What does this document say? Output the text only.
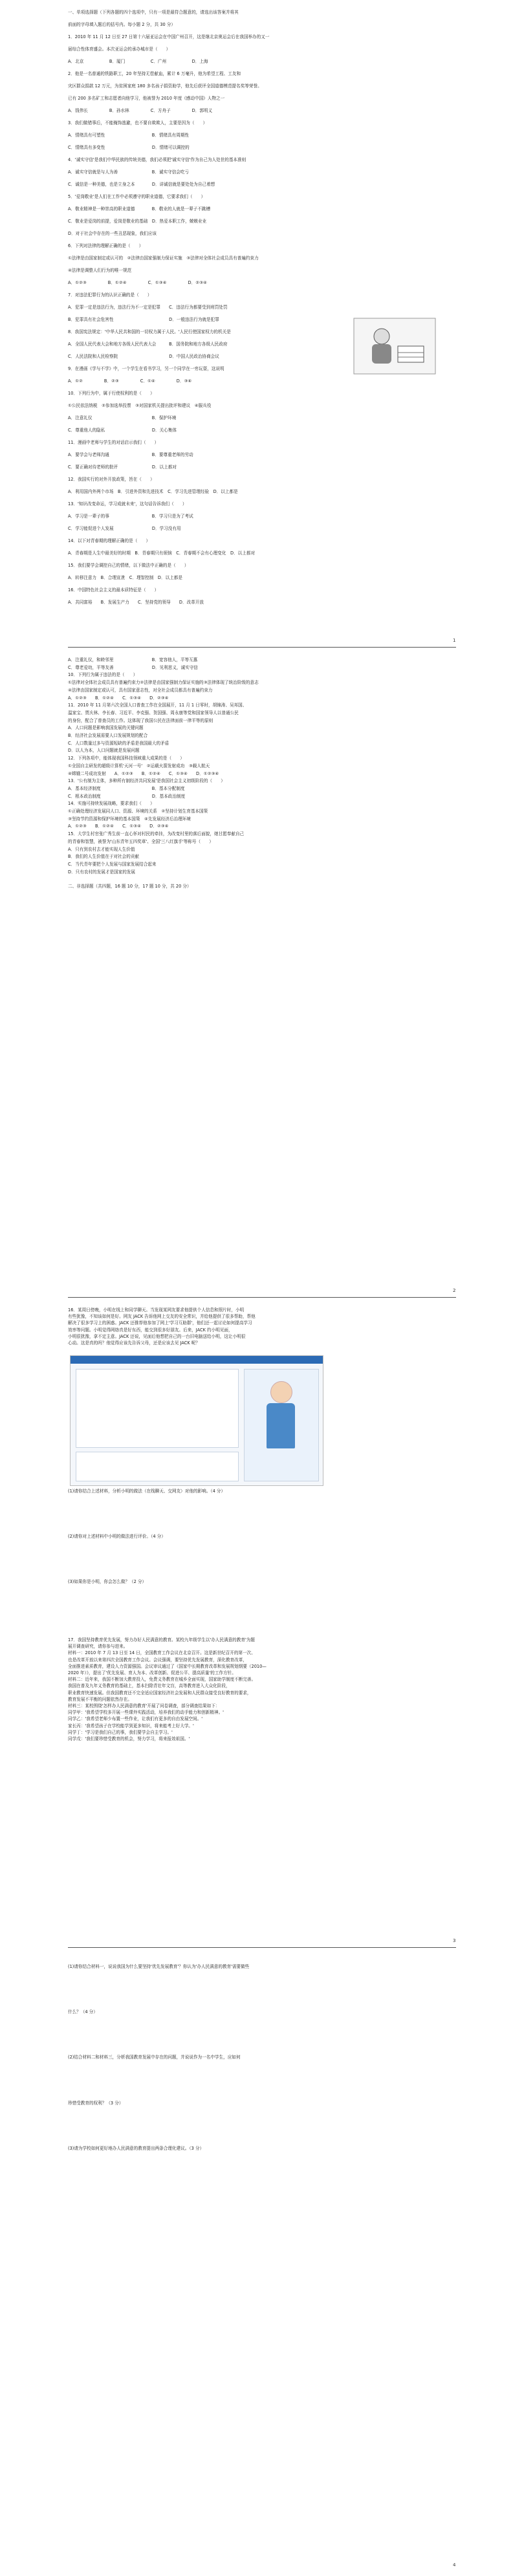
一、单项选择题（下列各题的四个选项中，只有一项是最符合题意的，请选出该答案并将其
前面的字母填入题后的括号内。每小题 2 分，共 30 分）
1．2010 年 11 月 12 日至 27 日第十六届亚运会在中国广州召开，这是继北京奥运会后在我国举办的又一
届综合性体育盛会。本次亚运会的承办城市是（　　）
A．北京　　　　　　B．厦门　　　　　　C．广州　　　　　　D．上海
2．他是一名普通的铁路职工，20 年坚持无偿献血，累计 6 万毫升，他为希望工程、工友和
灾区群众捐款 12 万元，为贫困家庭 180 多名孩子捐资助学，他先后获评全国道德模范提名奖等荣誉。
已有 200 多名矿工和志愿者向他学习，他被誉为 2010 年度《感动中国》人物之一
A．钱伟长　　　　　B．孙水林　　　　　C．方舟子　　　　　D．郭明义
3．我们做错事后，不能掩饰逃避，也不要自欺欺人，主要是因为（　　）
A．情绪具有可塑性　　　　　　　　　　　B．情绪具有周期性
C．情绪具有多变性　　　　　　　　　　　D．情绪可以调控的
4．'诚实守信'是我们中华民族的传统美德，我们必须把'诚实守信'作为自己为人处世的基本准则
A．诚实守信就是与人为善　　　　　　　　B．诚实守信会吃亏
C．诚信是一种美德，也是立身之本　　　　D．讲诚信就是要处处为自己着想
5．'爱岗敬业'是人们在工作中必须遵守的职业道德，它要求我们（　　）
A．敬业精神是一种崇高的职业道德　　　　B．敬业的人就是一辈子不跳槽
C．敬业是爱岗的前提，爱岗是敬业的基础　D．热爱本职工作，兢兢业业
D．对于社会中存在的一些丑恶现象，我们应该
6．下列对法律的理解正确的是（　　）
①法律是由国家制定或认可的　②法律由国家强制力保证实施　③法律对全体社会成员具有普遍约束力
④法律是调整人们行为的唯一规范
A．①②③　　　　　B．①②④　　　　　C．①③④　　　　　D．②③④
7．对违法犯罪行为的认识正确的是（　　）
A．犯罪一定是违法行为，违法行为不一定是犯罪　　C．违法行为都要受到刑罚处罚
B．犯罪具有社会危害性　　　　　　　　　　　　　D．一般违法行为就是犯罪
8．我国宪法规定：'中华人民共和国的一切权力属于人民。'人民行使国家权力的机关是
A．全国人民代表大会和地方各级人民代表大会　　　B．国务院和地方各级人民政府
C．人民法院和人民检察院　　　　　　　　　　　　D．中国人民政治协商会议
9．在漫画《学与不学》中，一个学生在看书学习，另一个同学在一旁玩耍，这说明
A．①②　　　　　B．②③　　　　　C．①④　　　　　D．③④
10．下列行为中，属于行使权利的是（　　）
①公民依法纳税　②参加选举投票　③对国家机关提出批评和建议　④服兵役
A．注意礼仪　　　　　　　　　　　　　　B．保护环境
C．尊重他人的隐私　　　　　　　　　　　D．关心集体
11．漫画中老师与学生的对话启示我们（　　）
A．要学会与老师沟通　　　　　　　　　　B．要尊重老师的劳动
C．要正确对待老师的批评　　　　　　　　D．以上都对
12．我国实行的对外开放政策，旨在（　　）
A．利用国内外两个市场　B．引进外资和先进技术　C．学习先进管理经验　D．以上都是
13．'知识改变命运，学习成就未来'，这句话告诉我们（　　）
A．学习是一辈子的事　　　　　　　　　　B．学习只是为了考试
C．学习能促进个人发展　　　　　　　　　D．学习没有用
14．以下对青春期的理解正确的是（　　）
A．青春期是人生中最美好的时期　B．青春期只有烦恼　C．青春期不会有心理变化　D．以上都对
15．我们要学会调控自己的情绪，以下做法中正确的是（　　）
A．转移注意力　B．合理宣泄　C．理智控制　D．以上都是
16．中国特色社会主义的最本质特征是（　　）
A．共同富裕　　B．发展生产力　　C．坚持党的领导　　D．改革开放
1
A．注重礼仪，和睦邻里　　　　　　　　　B．宽容他人，平等互惠
C．尊老爱幼，平等友善　　　　　　　　　D．见利思义，诚实守信
10．下列行为属于违法的是（　　）
①法律对全体社会成员具有普遍约束力②法律是由国家强制力保证实施的③法律体现了统治阶级的意志
④法律由国家制定或认可，具有国家意志性，对全社会成员都具有普遍约束力
A．①②③　　B．①②④　　C．①③④　　D．②③④
11．2010 年 11 月第六次全国人口普查工作在全国展开，11 月 1 日零时，胡锦涛、吴邦国、
温家宝、贾庆林、李长春、习近平、李克强、贺国强、周永康等党和国家领导人以普通公民
的身份，配合了普查员的工作。这体现了我国公民在法律面前一律平等的原则
A．人口问题是影响我国发展的关键问题
B．经济社会发展需要人口发展规划的配合
C．人口数量过多与资源短缺的矛盾是我国最大的矛盾
D．以人为本，人口问题就是发展问题
12．下列各项中，能体现我国科技领域重大成果的是（　　）
①全国自主研发的超级计算机'天河一号'　②运载火箭发射成功　③载人航天
④嫦娥二号成功发射　　A．①②③　　B．①②④　　C．①③④　　D．①②③④
13．'公有制为主体，多种所有制经济共同发展'是我国社会主义初级阶段的（　　）
A．基本经济制度　　　　　　　　　　　　B．基本分配制度
C．根本政治制度　　　　　　　　　　　　D．基本政治制度
14．实施可持续发展战略，要求我们（　　）
①正确处理经济发展同人口、资源、环境的关系　②坚持计划生育基本国策
③坚持节约资源和保护环境的基本国策　④先发展经济后治理环境
A．①②③　　B．①②④　　C．①③④　　D．②③④
15．大学生村官张广秀生前一直心怀对村民的牵挂，为改变村里的落后面貌，她甘愿奉献自己
的青春和智慧，被誉为'山东青年五四奖章'、全国'三八红旗手'等称号（　　）
A．只有到农村去才能实现人生价值
B．我们的人生价值在于对社会的贡献
C．当代青年要把个人发展与国家发展结合起来
D．只有农村的发展才是国家的发展
二、非选择题（共四题，16 题 10 分，17 题 10 分，共 20 分）
2
16．某周日傍晚，小明在线上和同学聊天。当发现某网友要求他提供个人信息和照片时，小明
有些犹豫，不知该如何是好。网友 JACK 告诉他网上交友的安全常识，并给他提供了很多帮助，帮他
解决了很多学习上的困惑。JACK 还推荐他参加了网上'学习互助群'，他们还一起讨论如何提高学习
效率等问题。小明觉得网络真是好东西，能交到很多好朋友。后来，JACK 约小明见面，
小明很犹豫，拿不定主意。JACK 还说，见面后他想把自己的一台旧电脑送给小明，这让小明很
心动。这是真的吗？他觉得应该先告诉父母，还是应该去见 JACK 呢？
(1)请你结合上述材料，分析小明的做法（在线聊天、交网友）对他的影响。（4 分）
(2)请你对上述材料中小明的做法进行评价。（4 分）
(3)如果你是小明，你会怎么做？（2 分）
17．我国坚持教育优先发展，努力办好人民满意的教育。某校九年级学生以'办人民满意的教育'为题
展开调查研究，请你参与进来。
材料一：2010 年 7 月 13 日至 14 日，全国教育工作会议在北京召开。这是新世纪召开的第一次、
也是改革开放以来第四次全国教育工作会议。会议强调，要坚持优先发展教育，深化教育改革，
全面推进素质教育，建设人力资源强国。会议审议通过了《国家中长期教育改革和发展规划纲要（2010—
2020 年）》，提出了'优先发展、育人为本、改革创新、促进公平、提高质量'的工作方针。
材料二：近年来，我国不断加大教育投入，免费义务教育在城乡全面实现，国家助学制度不断完善。
我国在普及九年义务教育的基础上，基本扫除青壮年文盲，高等教育进入大众化阶段，
职业教育快速发展。但我国教育还不完全适应国家经济社会发展和人民群众接受良好教育的要求，
教育发展不平衡的问题依然存在。
材料三：某校围绕'怎样办人民满意的教育'开展了问卷调查，部分调查结果如下：
同学甲：'我希望学校多开展一些课外实践活动，培养我们的动手能力和创新精神。'
同学乙：'我希望老师少布置一些作业，让我们有更多的自由发展空间。'
家长丙：'我希望孩子在学校能学到更多知识，将来能考上好大学。'
同学丁：'学习是我们自己的事，我们要学会自主学习。'
同学戊：'我们要珍惜受教育的机会，努力学习，将来报效祖国。'
3
(1)请你结合材料一，说说我国为什么要坚持'优先发展教育'？你认为'办人民满意的教育'需要做些
什么？（4 分）
(2)结合材料二和材料三，分析我国教育发展中存在的问题，并说说作为一名中学生，应如何
珍惜受教育的权利？（3 分）
(3)请为学校如何更好地办人民满意的教育提出两条合理化建议。（3 分）
4
